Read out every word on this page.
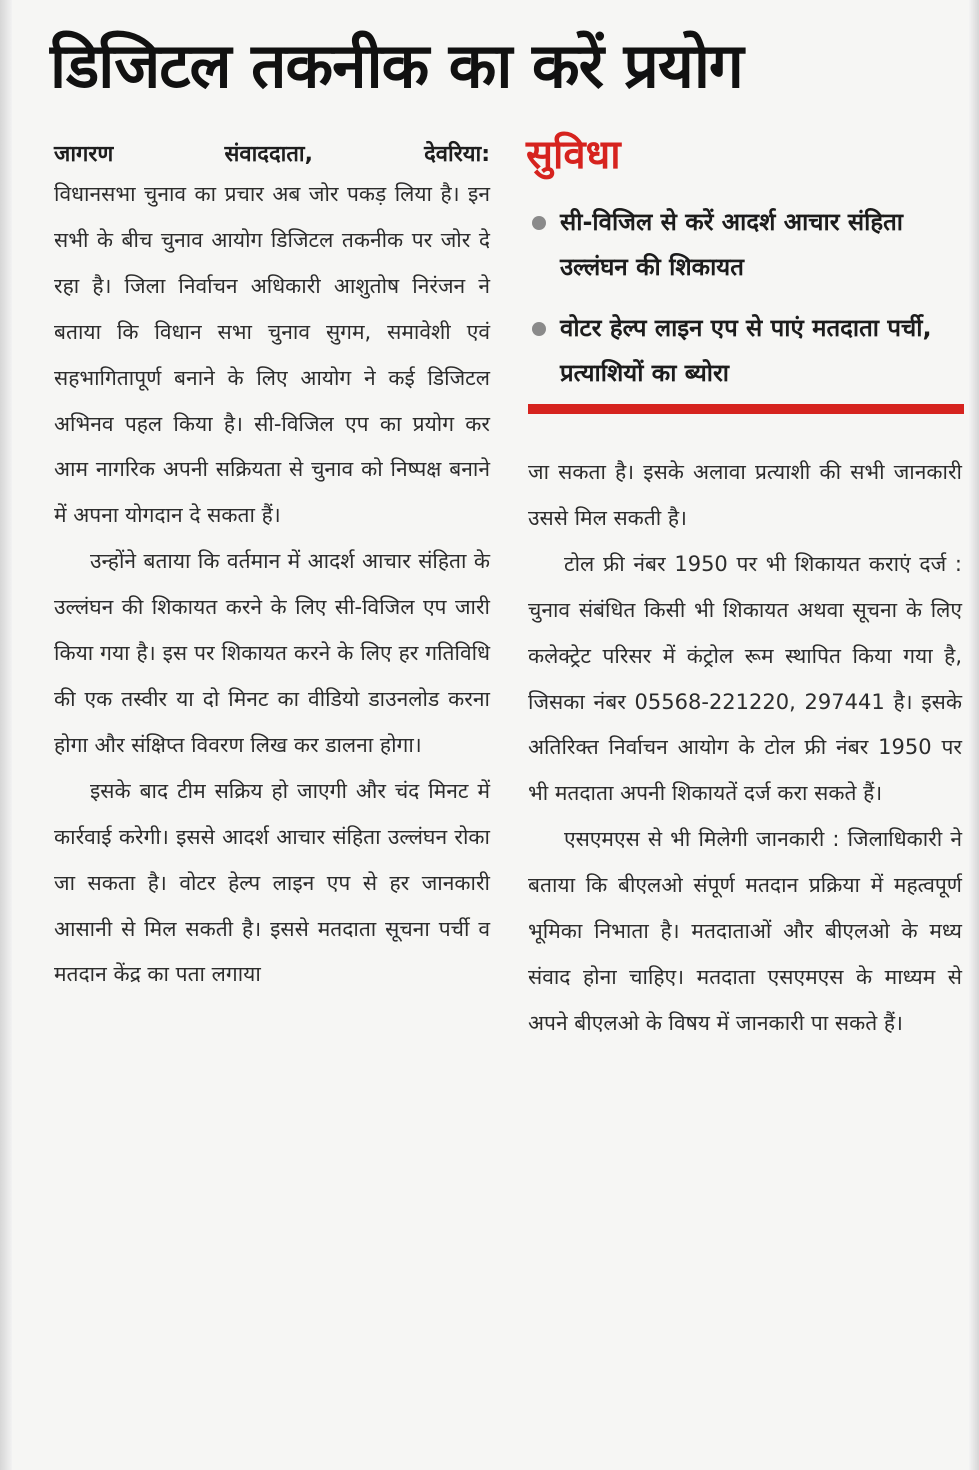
डिजिटल तकनीक का करें प्रयोग
जागरण	संवाददाता,	देवरिया:

विधानसभा चुनाव का प्रचार अब जोर पकड़ लिया है। इन सभी के बीच चुनाव आयोग डिजिटल तकनीक पर जोर दे रहा है। जिला निर्वाचन अधिकारी आशुतोष निरंजन ने बताया कि विधान सभा चुनाव सुगम, समावेशी एवं सहभागितापूर्ण बनाने के लिए आयोग ने कई डिजिटल अभिनव पहल किया है। सी-विजिल एप का प्रयोग कर आम नागरिक अपनी सक्रियता से चुनाव को निष्पक्ष बनाने में अपना योगदान दे सकता हैं।

उन्होंने बताया कि वर्तमान में आदर्श आचार संहिता के उल्लंघन की शिकायत करने के लिए सी-विजिल एप जारी किया गया है। इस पर शिकायत करने के लिए हर गतिविधि की एक तस्वीर या दो मिनट का वीडियो डाउनलोड करना होगा और संक्षिप्त विवरण लिख कर डालना होगा।

इसके बाद टीम सक्रिय हो जाएगी और चंद मिनट में कार्रवाई करेगी। इससे आदर्श आचार संहिता उल्लंघन रोका जा सकता है। वोटर हेल्प लाइन एप से हर जानकारी आसानी से मिल सकती है। इससे मतदाता सूचना पर्ची व मतदान केंद्र का पता लगाया

सुविधा
सी-विजिल से करें आदर्श आचार संहिता उल्लंघन की शिकायत
वोटर हेल्प लाइन एप से पाएं मतदाता पर्ची, प्रत्याशियों का ब्योरा

जा सकता है। इसके अलावा प्रत्याशी की सभी जानकारी उससे मिल सकती है।

टोल फ्री नंबर 1950 पर भी शिकायत कराएं दर्ज : चुनाव संबंधित किसी भी शिकायत अथवा सूचना के लिए कलेक्ट्रेट परिसर में कंट्रोल रूम स्थापित किया गया है, जिसका नंबर 05568-221220, 297441 है। इसके अतिरिक्त निर्वाचन आयोग के टोल फ्री नंबर 1950 पर भी मतदाता अपनी शिकायतें दर्ज करा सकते हैं।

एसएमएस से भी मिलेगी जानकारी : जिलाधिकारी ने बताया कि बीएलओ संपूर्ण मतदान प्रक्रिया में महत्वपूर्ण भूमिका निभाता है। मतदाताओं और बीएलओ के मध्य संवाद होना चाहिए। मतदाता एसएमएस के माध्यम से अपने बीएलओ के विषय में जानकारी पा सकते हैं।
